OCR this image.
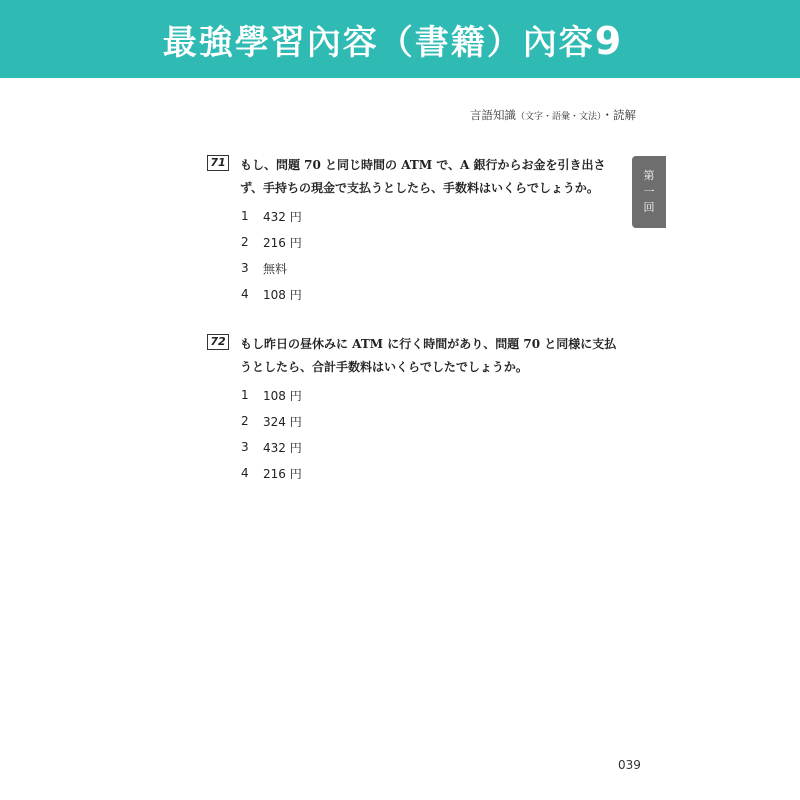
最強學習內容（書籍）內容9
言語知識（文字・語彙・文法）・読解
第
一
回
71 もし、問題 70 と同じ時間の ATM で、A 銀行からお金を引き出さ
ず、手持ちの現金で支払うとしたら、手数料はいくらでしょうか。
1	432 円
2	216 円
3	無料
4	108 円
72 もし昨日の昼休みに ATM に行く時間があり、問題 70 と同様に支払
うとしたら、合計手数料はいくらでしたでしょうか。
1	108 円
2	324 円
3	432 円
4	216 円
039
